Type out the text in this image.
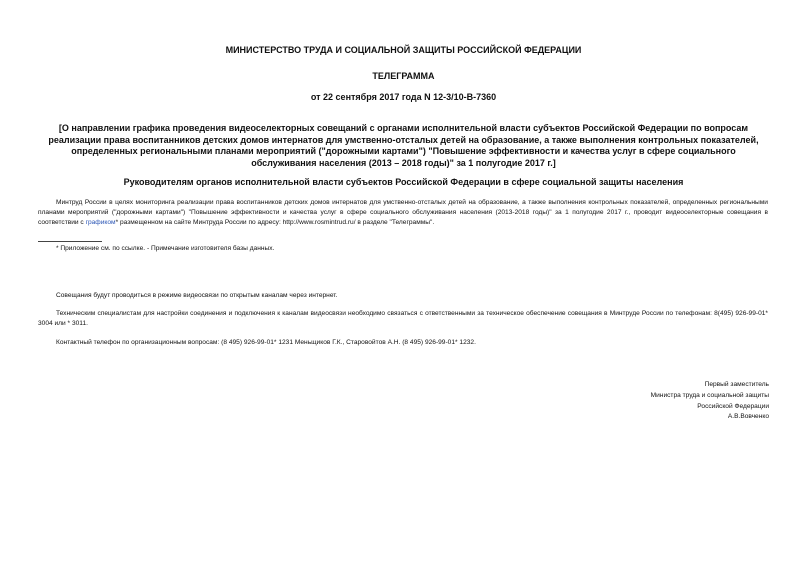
МИНИСТЕРСТВО ТРУДА И СОЦИАЛЬНОЙ ЗАЩИТЫ РОССИЙСКОЙ ФЕДЕРАЦИИ
ТЕЛЕГРАММА
от 22 сентября 2017 года N 12-3/10-В-7360
[О направлении графика проведения видеоселекторных совещаний с органами исполнительной власти субъектов Российской Федерации по вопросам реализации права воспитанников детских домов интернатов для умственно-отсталых детей на образование, а также выполнения контрольных показателей, определенных региональными планами мероприятий ("дорожными картами") "Повышение эффективности и качества услуг в сфере социального обслуживания населения (2013 – 2018 годы)" за 1 полугодие 2017 г.]
Руководителям органов исполнительной власти субъектов Российской Федерации в сфере социальной защиты населения
Минтруд России в целях мониторинга реализации права воспитанников детских домов интернатов для умственно-отсталых детей на образование, а также выполнения контрольных показателей, определенных региональными планами мероприятий ("дорожными картами") "Повышение эффективности и качества услуг в сфере социального обслуживания населения (2013-2018 годы)" за 1 полугодие 2017 г., проводит видеоселекторные совещания в соответствии с графиком* размещенном на сайте Минтруда России по адресу: http://www.rosmintrud.ru/ в разделе "Телеграммы".
* Приложение см. по ссылке. - Примечание изготовителя базы данных.
Совещания будут проводиться в режиме видеосвязи по открытым каналам через интернет.
Техническим специалистам для настройки соединения и подключения к каналам видеосвязи необходимо связаться с ответственными за техническое обеспечение совещания в Минтруде России по телефонам: 8(495) 926-99-01* 3004 или * 3011.
Контактный телефон по организационным вопросам: (8 495) 926-99-01* 1231 Меньщиков Г.К., Старовойтов А.Н. (8 495) 926-99-01* 1232.
Первый заместитель
Министра труда и социальной защиты
Российской Федерации
А.В.Вовченко
